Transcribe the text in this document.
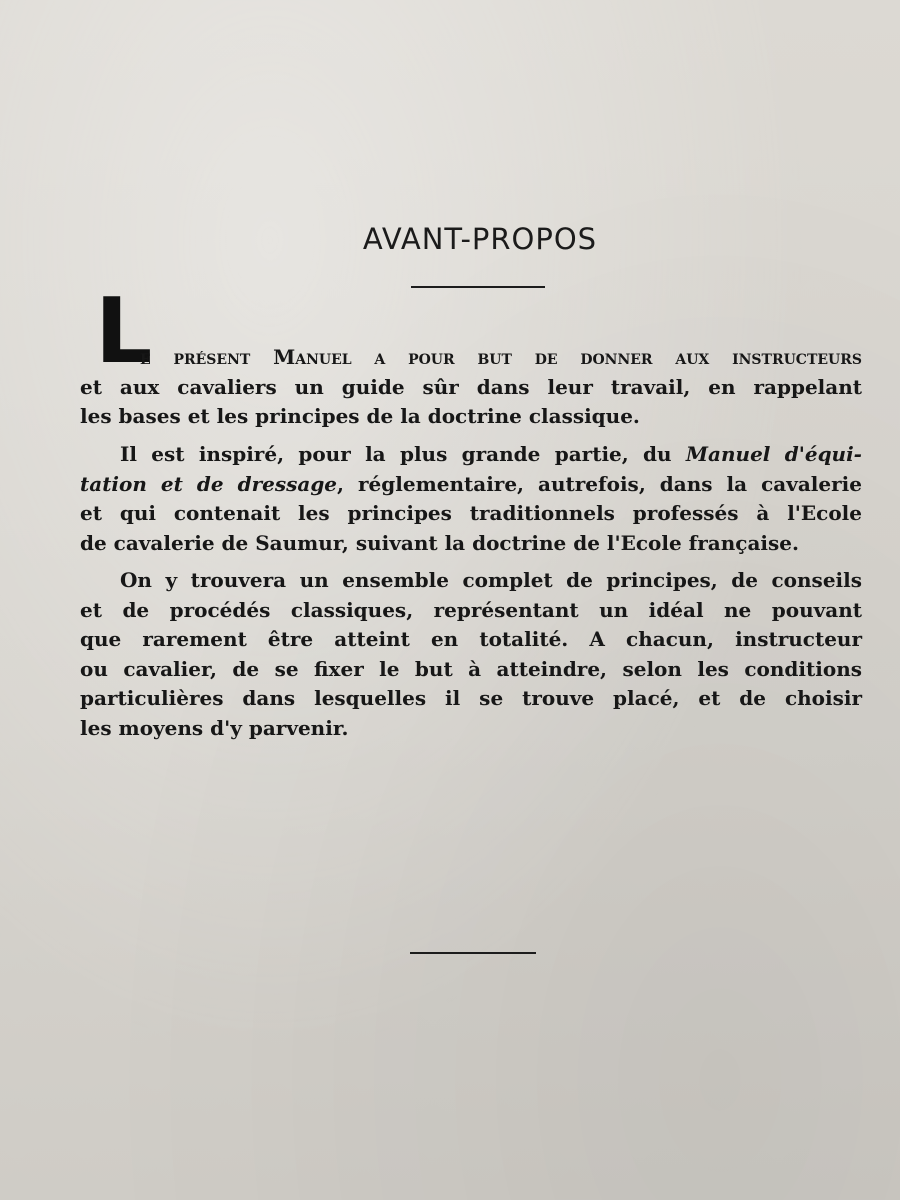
AVANT-PROPOS
L
e présent Manuel a pour but de donner aux instructeurs
et aux cavaliers un guide sûr dans leur travail, en rappelant
les bases et les principes de la doctrine classique.
Il est inspiré, pour la plus grande partie, du Manuel d'équi-
tation et de dressage, réglementaire, autrefois, dans la cavalerie
et qui contenait les principes traditionnels professés à l'Ecole
de cavalerie de Saumur, suivant la doctrine de l'Ecole française.
On y trouvera un ensemble complet de principes, de conseils
et de procédés classiques, représentant un idéal ne pouvant
que rarement être atteint en totalité. A chacun, instructeur
ou cavalier, de se fixer le but à atteindre, selon les conditions
particulières dans lesquelles il se trouve placé, et de choisir
les moyens d'y parvenir.
